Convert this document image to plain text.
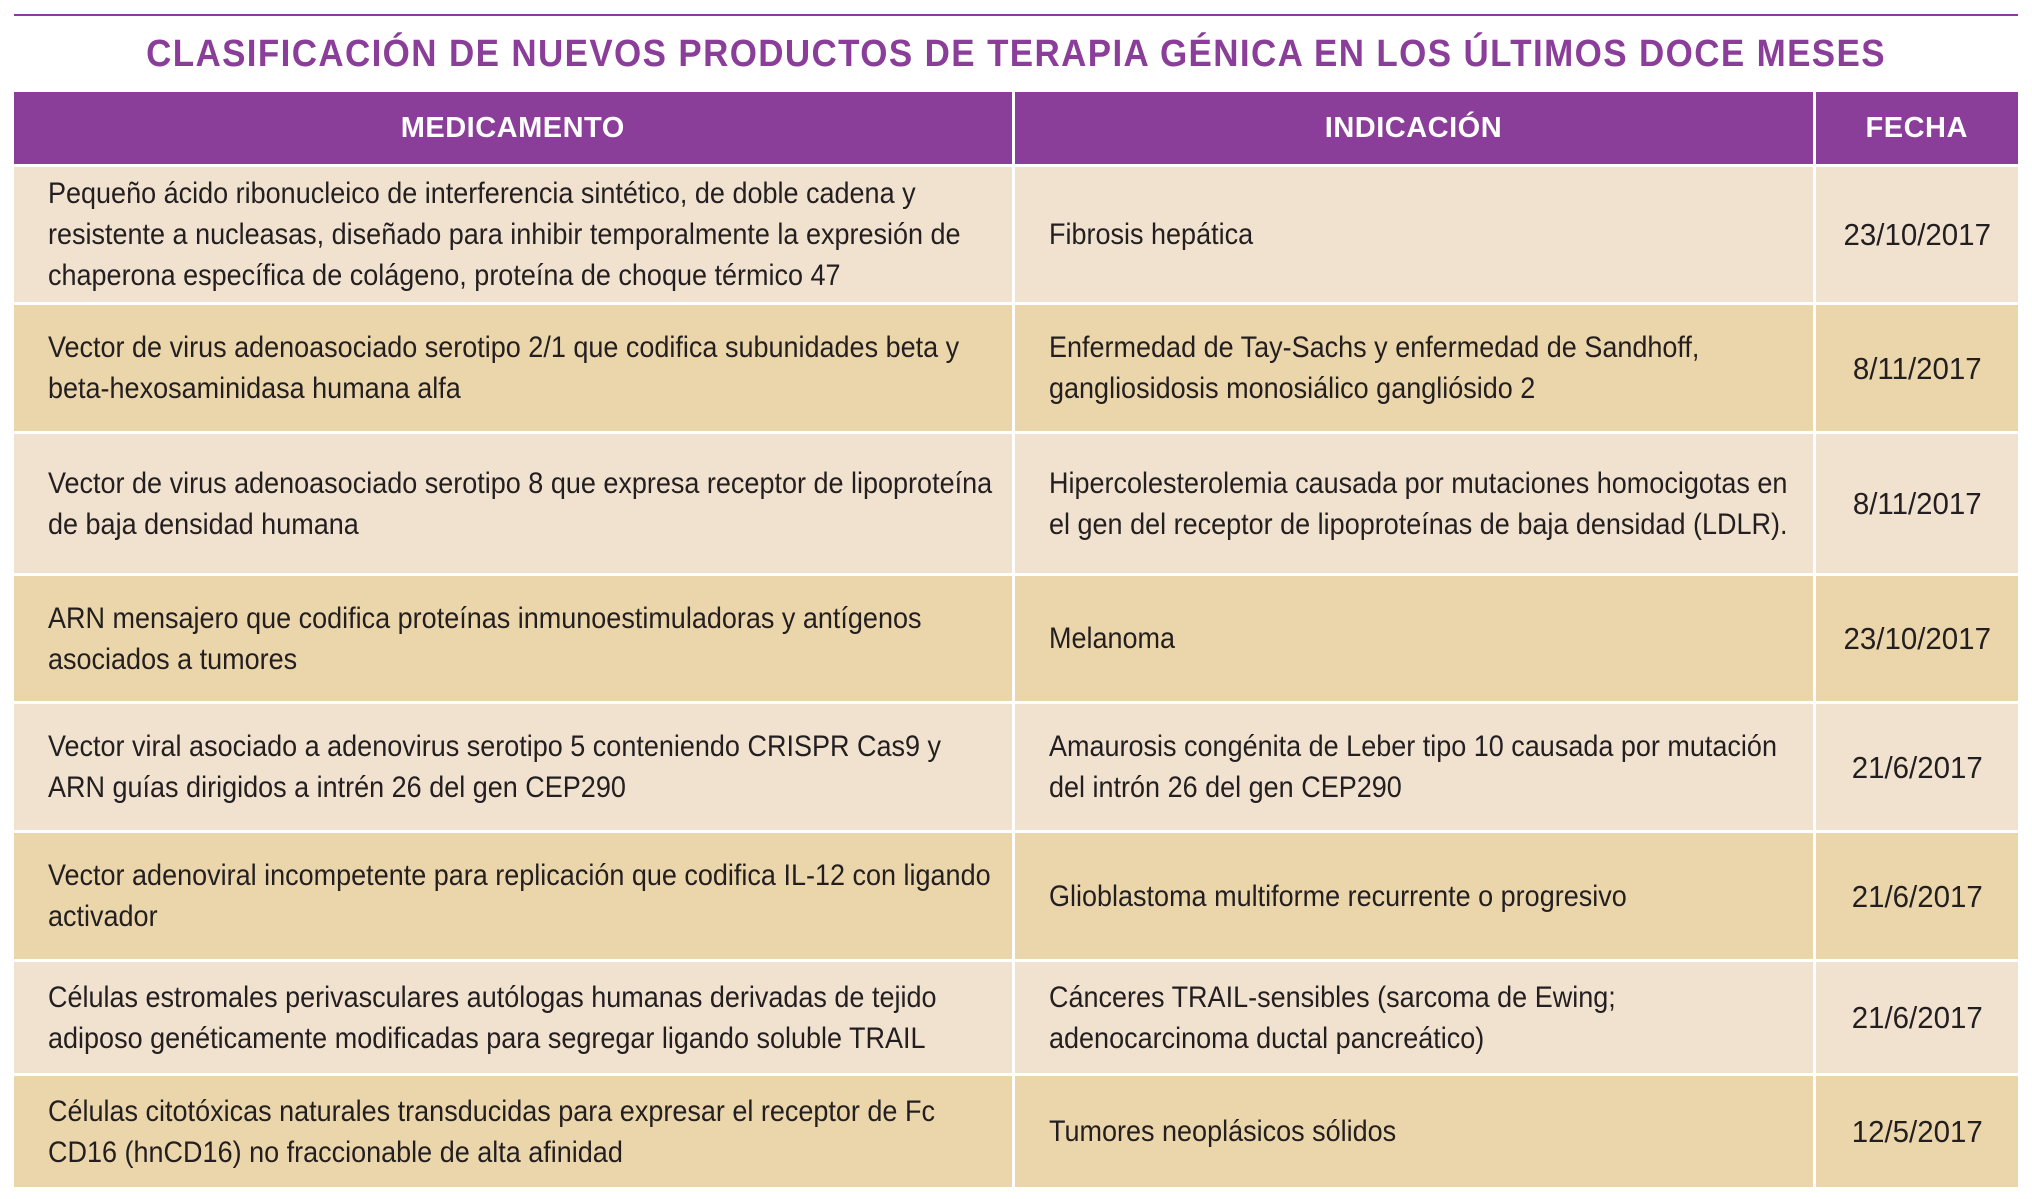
CLASIFICACIÓN DE NUEVOS PRODUCTOS DE TERAPIA GÉNICA EN LOS ÚLTIMOS DOCE MESES
MEDICAMENTO	INDICACIÓN	FECHA

Pequeño ácido ribonucleico de interferencia sintético, de doble cadena y resistente a nucleasas, diseñado para inhibir temporalmente la expresión de chaperona específica de colágeno, proteína de choque térmico 47	Fibrosis hepática	23/10/2017

Vector de virus adenoasociado serotipo 2/1 que codifica subunidades beta y beta-hexosaminidasa humana alfa	Enfermedad de Tay-Sachs y enfermedad de Sandhoff, gangliosidosis monosiálico gangliósido 2	8/11/2017

Vector de virus adenoasociado serotipo 8 que expresa receptor de lipoproteína de baja densidad humana	Hipercolesterolemia causada por mutaciones homocigotas en el gen del receptor de lipoproteínas de baja densidad (LDLR).	8/11/2017

ARN mensajero que codifica proteínas inmunoestimuladoras y antígenos asociados a tumores	Melanoma	23/10/2017

Vector viral asociado a adenovirus serotipo 5 conteniendo CRISPR Cas9 y ARN guías dirigidos a intrén 26 del gen CEP290	Amaurosis congénita de Leber tipo 10 causada por mutación del intrón 26 del gen CEP290	21/6/2017

Vector adenoviral incompetente para replicación que codifica IL-12 con ligando activador	Glioblastoma multiforme recurrente o progresivo	21/6/2017

Células estromales perivasculares autólogas humanas derivadas de tejido adiposo genéticamente modificadas para segregar ligando soluble TRAIL	Cánceres TRAIL-sensibles (sarcoma de Ewing; adenocarcinoma ductal pancreático)	21/6/2017

Células citotóxicas naturales transducidas para expresar el receptor de Fc CD16 (hnCD16) no fraccionable de alta afinidad	Tumores neoplásicos sólidos	12/5/2017
